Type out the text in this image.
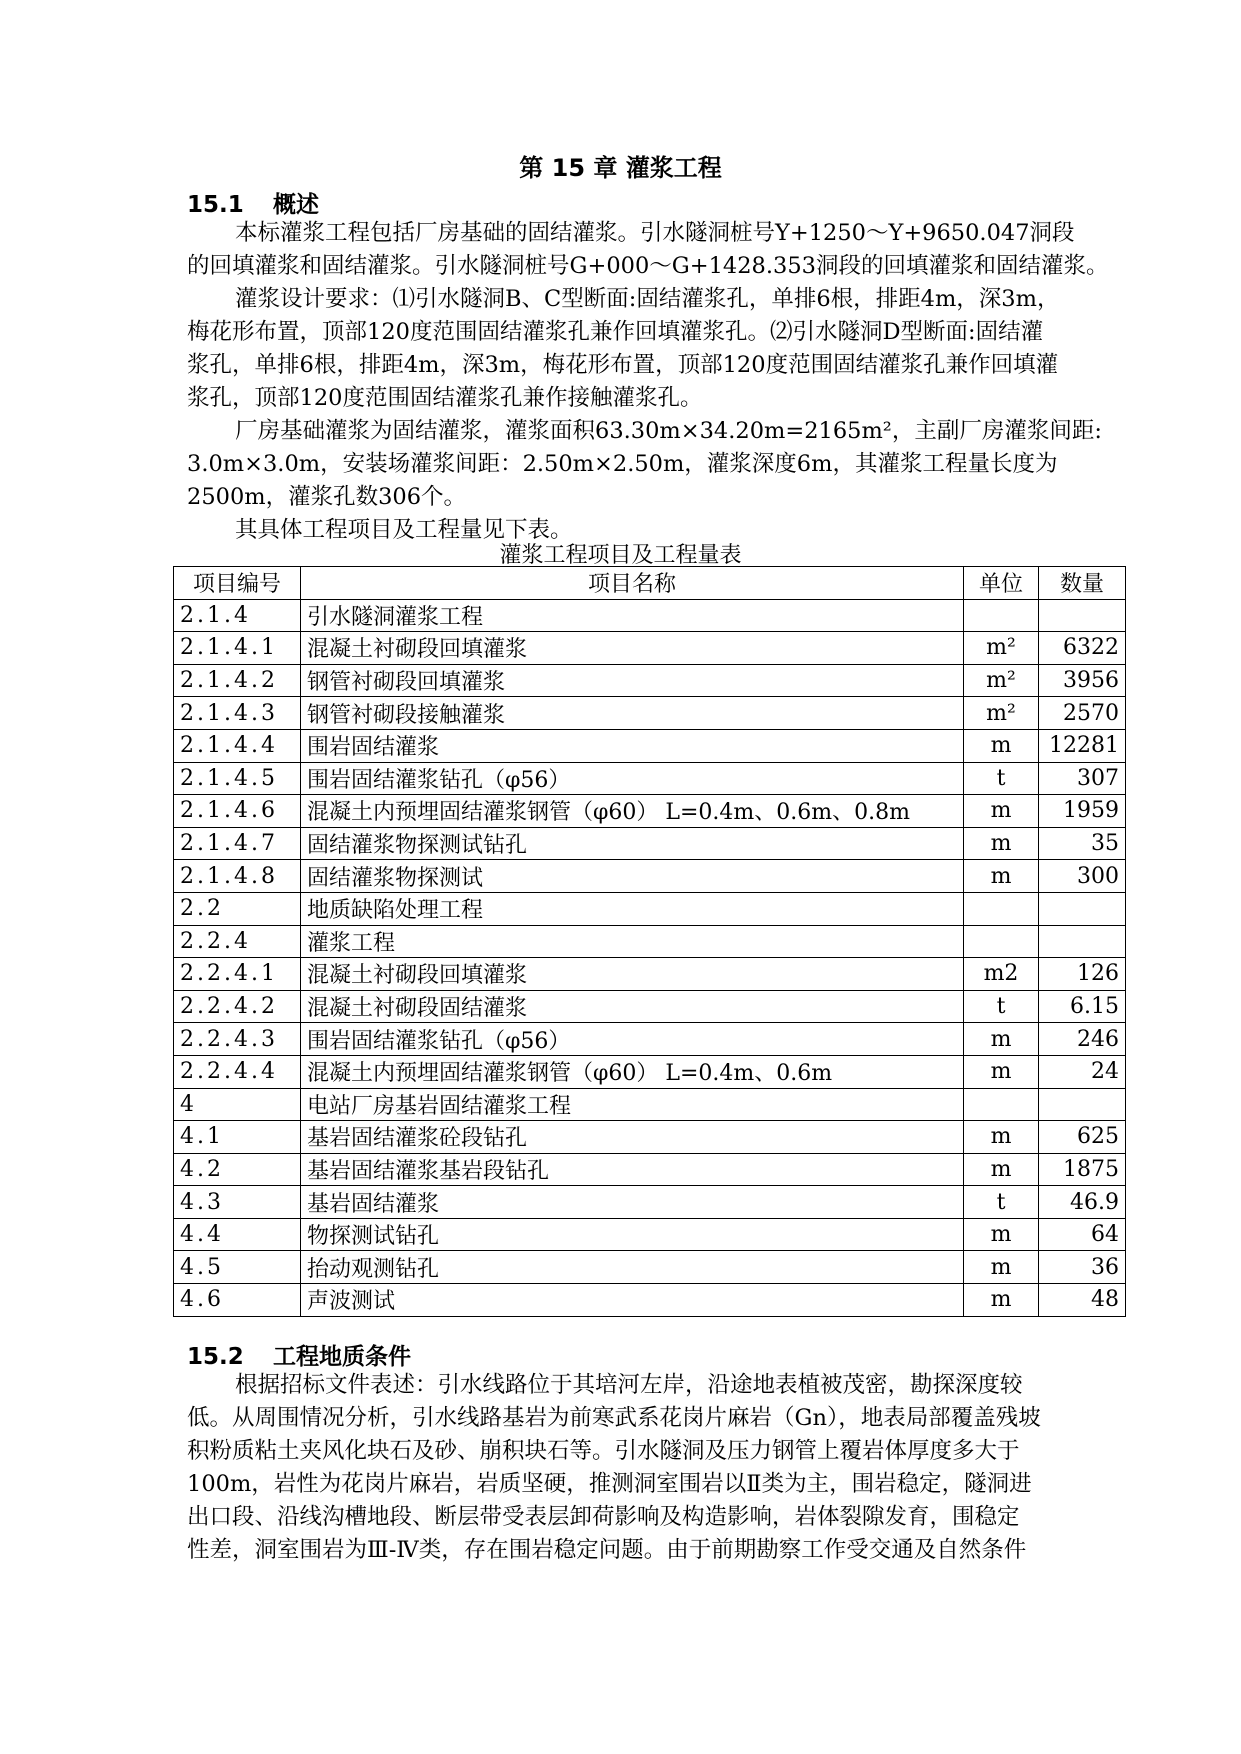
第 15 章 灌浆工程
15.1 概述
本标灌浆工程包括厂房基础的固结灌浆。引水隧洞桩号Y+1250～Y+9650.047洞段
的回填灌浆和固结灌浆。引水隧洞桩号G+000～G+1428.353洞段的回填灌浆和固结灌浆。
灌浆设计要求：⑴引水隧洞B、C型断面:固结灌浆孔，单排6根，排距4m，深3m，
梅花形布置，顶部120度范围固结灌浆孔兼作回填灌浆孔。⑵引水隧洞D型断面:固结灌
浆孔，单排6根，排距4m，深3m，梅花形布置，顶部120度范围固结灌浆孔兼作回填灌
浆孔，顶部120度范围固结灌浆孔兼作接触灌浆孔。
厂房基础灌浆为固结灌浆，灌浆面积63.30m×34.20m=2165m²，主副厂房灌浆间距:
3.0m×3.0m，安装场灌浆间距：2.50m×2.50m，灌浆深度6m，其灌浆工程量长度为
2500m，灌浆孔数306个。
其具体工程项目及工程量见下表。
灌浆工程项目及工程量表
项目编号	项目名称	单位	数量
2.1.4	引水隧洞灌浆工程		
2.1.4.1	混凝土衬砌段回填灌浆	m²	6322
2.1.4.2	钢管衬砌段回填灌浆	m²	3956
2.1.4.3	钢管衬砌段接触灌浆	m²	2570
2.1.4.4	围岩固结灌浆	m	12281
2.1.4.5	围岩固结灌浆钻孔（φ56）	t	307
2.1.4.6	混凝土内预埋固结灌浆钢管（φ60） L=0.4m、0.6m、0.8m	m	1959
2.1.4.7	固结灌浆物探测试钻孔	m	35
2.1.4.8	固结灌浆物探测试	m	300
2.2	地质缺陷处理工程		
2.2.4	灌浆工程		
2.2.4.1	混凝土衬砌段回填灌浆	m2	126
2.2.4.2	混凝土衬砌段固结灌浆	t	6.15
2.2.4.3	围岩固结灌浆钻孔（φ56）	m	246
2.2.4.4	混凝土内预埋固结灌浆钢管（φ60） L=0.4m、0.6m	m	24
4	电站厂房基岩固结灌浆工程		
4.1	基岩固结灌浆砼段钻孔	m	625
4.2	基岩固结灌浆基岩段钻孔	m	1875
4.3	基岩固结灌浆	t	46.9
4.4	物探测试钻孔	m	64
4.5	抬动观测钻孔	m	36
4.6	声波测试	m	48
15.2 工程地质条件
根据招标文件表述：引水线路位于其培河左岸，沿途地表植被茂密，勘探深度较
低。从周围情况分析，引水线路基岩为前寒武系花岗片麻岩（Gn），地表局部覆盖残坡
积粉质粘土夹风化块石及砂、崩积块石等。引水隧洞及压力钢管上覆岩体厚度多大于
100m，岩性为花岗片麻岩，岩质坚硬，推测洞室围岩以Ⅱ类为主，围岩稳定，隧洞进
出口段、沿线沟槽地段、断层带受表层卸荷影响及构造影响，岩体裂隙发育，围稳定
性差，洞室围岩为Ⅲ-Ⅳ类，存在围岩稳定问题。由于前期勘察工作受交通及自然条件
